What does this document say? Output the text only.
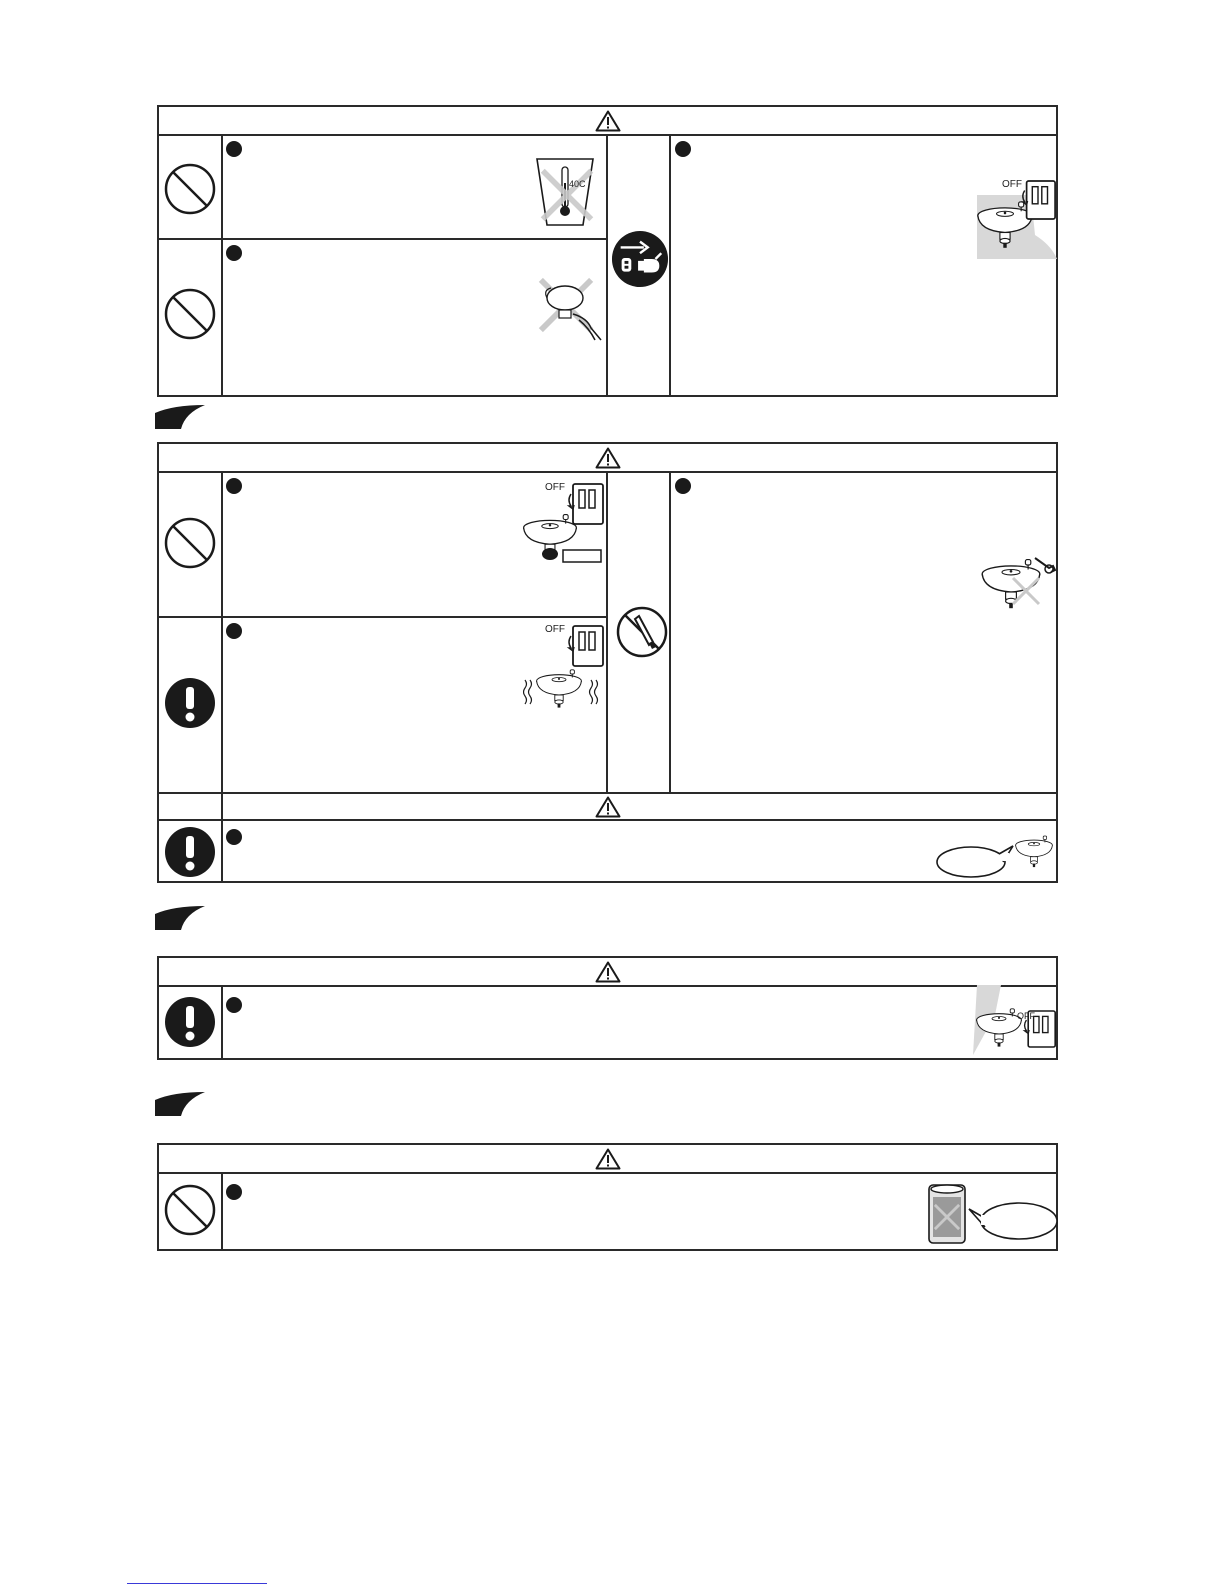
40C	OFF
OFF
OFF
OFF
